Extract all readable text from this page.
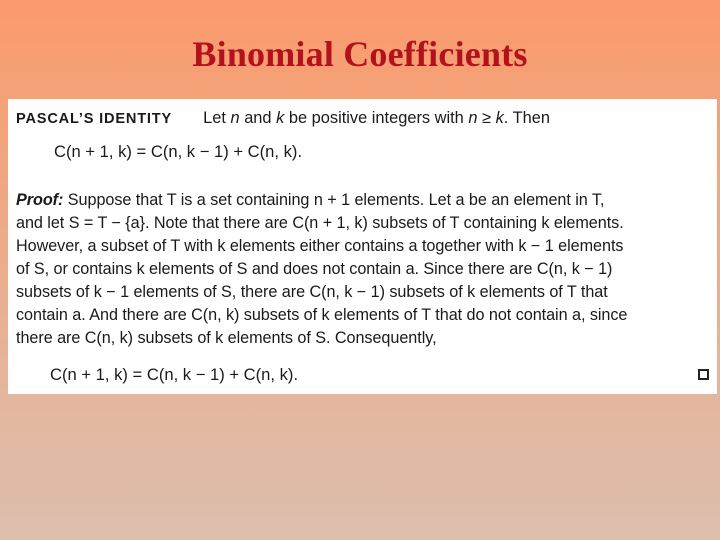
Binomial Coefficients
PASCAL’S IDENTITY Let n and k be positive integers with n ≥ k. Then
C(n + 1, k) = C(n, k − 1) + C(n, k).
Proof: Suppose that T is a set containing n + 1 elements. Let a be an element in T,
and let S = T − {a}. Note that there are C(n + 1, k) subsets of T containing k elements.
However, a subset of T with k elements either contains a together with k − 1 elements
of S, or contains k elements of S and does not contain a. Since there are C(n, k − 1)
subsets of k − 1 elements of S, there are C(n, k − 1) subsets of k elements of T that
contain a. And there are C(n, k) subsets of k elements of T that do not contain a, since
there are C(n, k) subsets of k elements of S. Consequently,
C(n + 1, k) = C(n, k − 1) + C(n, k).
